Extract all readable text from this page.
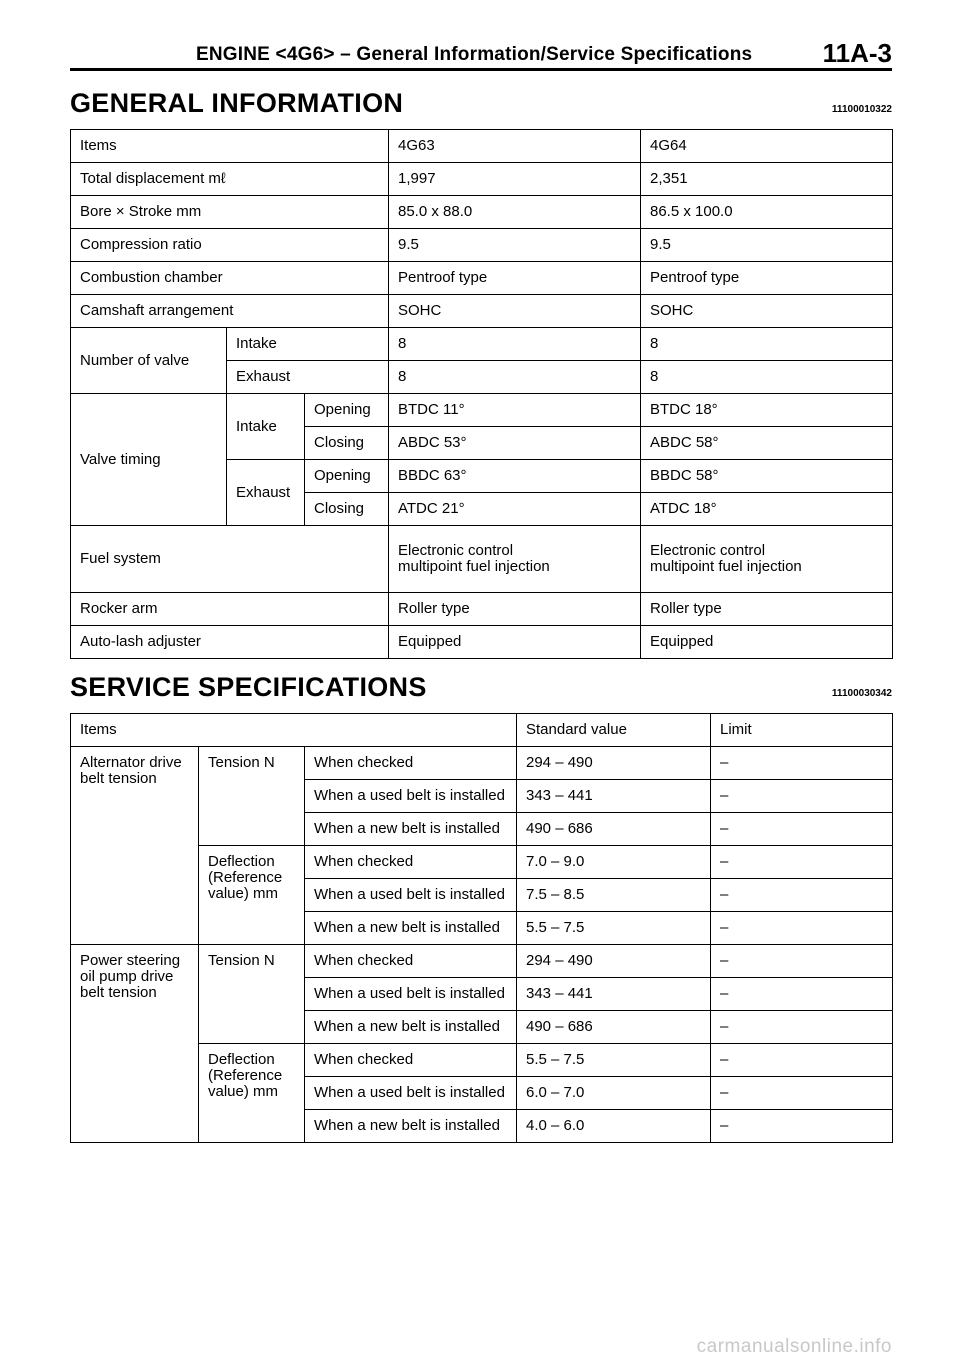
ENGINE <4G6> – General Information/Service Specifications	11A-3
GENERAL INFORMATION	11100010322
Items			4G63	4G64
Total displacement mℓ			1,997	2,351
Bore × Stroke mm			85.0 x 88.0	86.5 x 100.0
Compression ratio			9.5	9.5
Combustion chamber			Pentroof type	Pentroof type
Camshaft arrangement			SOHC	SOHC
Number of valve	Intake		8	8
	Exhaust		8	8
Valve timing	Intake	Opening	BTDC 11°	BTDC 18°
		Closing	ABDC 53°	ABDC 58°
	Exhaust	Opening	BBDC 63°	BBDC 58°
		Closing	ATDC 21°	ATDC 18°
Fuel system			Electronic control multipoint fuel injection	Electronic control multipoint fuel injection
Rocker arm			Roller type	Roller type
Auto-lash adjuster			Equipped	Equipped
SERVICE SPECIFICATIONS	11100030342
Items			Standard value	Limit
Alternator drive belt tension	Tension N	When checked	294 – 490	–
		When a used belt is installed	343 – 441	–
		When a new belt is installed	490 – 686	–
	Deflection (Reference value) mm	When checked	7.0 – 9.0	–
		When a used belt is installed	7.5 – 8.5	–
		When a new belt is installed	5.5 – 7.5	–
Power steering oil pump drive belt tension	Tension N	When checked	294 – 490	–
		When a used belt is installed	343 – 441	–
		When a new belt is installed	490 – 686	–
	Deflection (Reference value) mm	When checked	5.5 – 7.5	–
		When a used belt is installed	6.0 – 7.0	–
		When a new belt is installed	4.0 – 6.0	–
carmanualsonline.info
